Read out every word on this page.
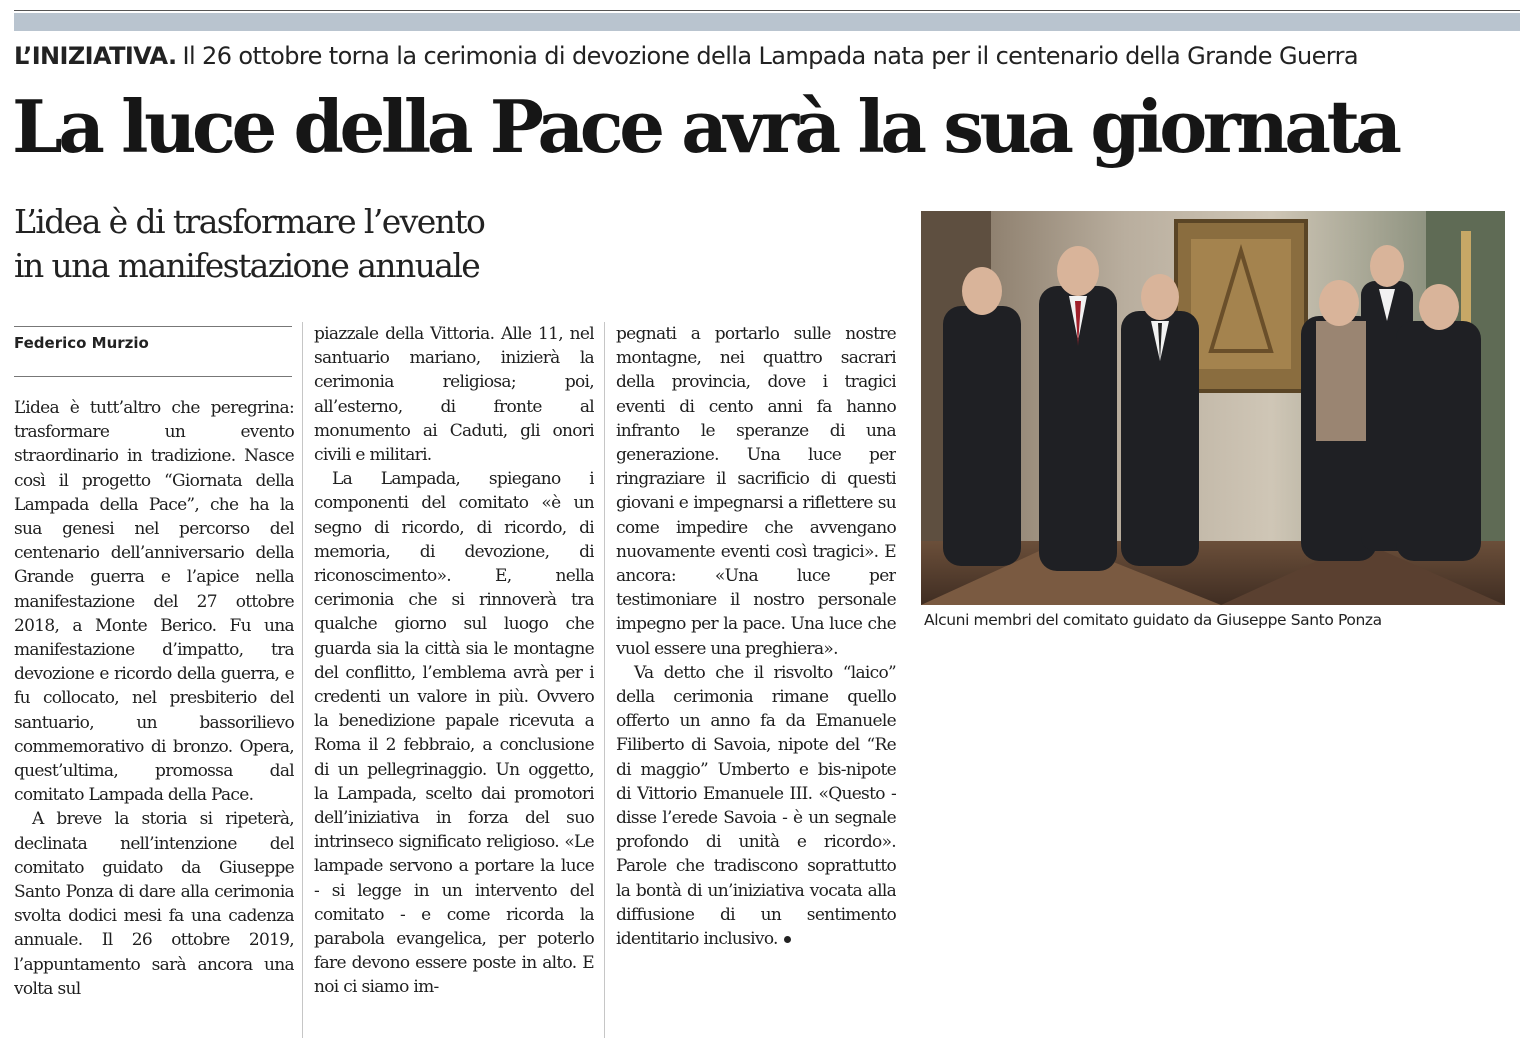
L’INIZIATIVA. Il 26 ottobre torna la cerimonia di devozione della Lampada nata per il centenario della Grande Guerra
La luce della Pace avrà la sua giornata
L’idea è di trasformare l’evento
in una manifestazione annuale
Federico Murzio

L’idea è tutt’altro che peregrina: trasformare un evento straordinario in tradizione. Nasce così il progetto “Giornata della Lampada della Pace”, che ha la sua genesi nel percorso del centenario dell’anniversario della Grande guerra e l’apice nella manifestazione del 27 ottobre 2018, a Monte Berico. Fu una manifestazione d’impatto, tra devozione e ricordo della guerra, e fu collocato, nel presbiterio del santuario, un bassorilievo commemorativo di bronzo. Opera, quest’ultima, promossa dal comitato Lampada della Pace.

A breve la storia si ripeterà, declinata nell’intenzione del comitato guidato da Giuseppe Santo Ponza di dare alla cerimonia svolta dodici mesi fa una cadenza annuale. Il 26 ottobre 2019, l’appuntamento sarà ancora una volta sul

piazzale della Vittoria. Alle 11, nel santuario mariano, inizierà la cerimonia religiosa; poi, all’esterno, di fronte al monumento ai Caduti, gli onori civili e militari.

La Lampada, spiegano i componenti del comitato «è un segno di ricordo, di ricordo, di memoria, di devozione, di riconoscimento». E, nella cerimonia che si rinnoverà tra qualche giorno sul luogo che guarda sia la città sia le montagne del conflitto, l’emblema avrà per i credenti un valore in più. Ovvero la benedizione papale ricevuta a Roma il 2 febbraio, a conclusione di un pellegrinaggio. Un oggetto, la Lampada, scelto dai promotori dell’iniziativa in forza del suo intrinseco significato religioso. «Le lampade servono a portare la luce - si legge in un intervento del comitato - e come ricorda la parabola evangelica, per poterlo fare devono essere poste in alto. E noi ci siamo im-

pegnati a portarlo sulle nostre montagne, nei quattro sacrari della provincia, dove i tragici eventi di cento anni fa hanno infranto le speranze di una generazione. Una luce per ringraziare il sacrificio di questi giovani e impegnarsi a riflettere su come impedire che avvengano nuovamente eventi così tragici». E ancora: «Una luce per testimoniare il nostro personale impegno per la pace. Una luce che vuol essere una preghiera».

Va detto che il risvolto “laico” della cerimonia rimane quello offerto un anno fa da Emanuele Filiberto di Savoia, nipote del “Re di maggio” Umberto e bis-nipote di Vittorio Emanuele III. «Questo - disse l’erede Savoia - è un segnale profondo di unità e ricordo». Parole che tradiscono soprattutto la bontà di un’iniziativa vocata alla diffusione di un sentimento identitario inclusivo.

Alcuni membri del comitato guidato da Giuseppe Santo Ponza
